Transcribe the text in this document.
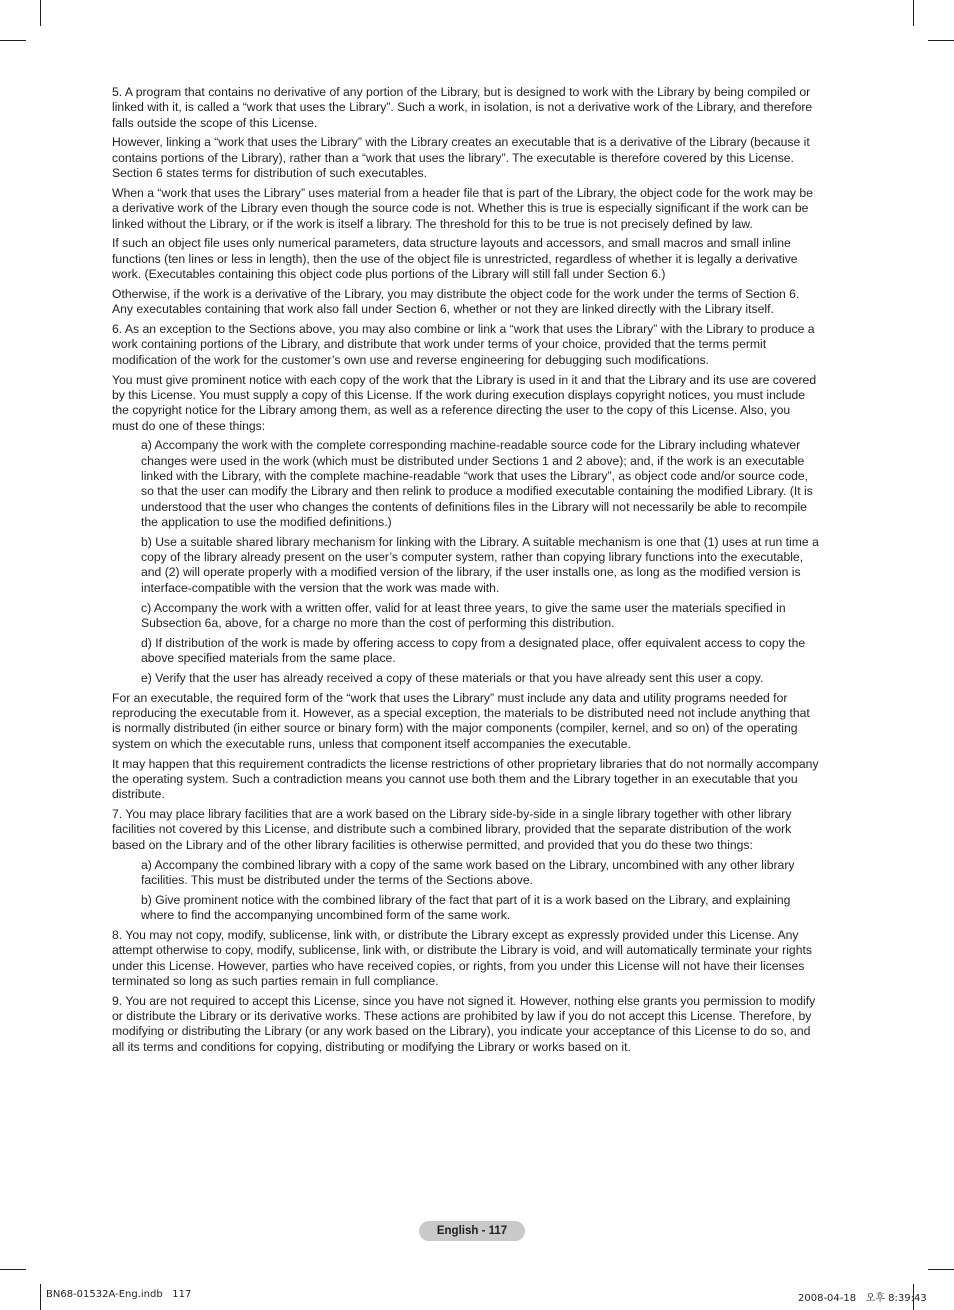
5. A program that contains no derivative of any portion of the Library, but is designed to work with the Library by being compiled or linked with it, is called a “work that uses the Library”. Such a work, in isolation, is not a derivative work of the Library, and therefore falls outside the scope of this License.

However, linking a “work that uses the Library” with the Library creates an executable that is a derivative of the Library (because it contains portions of the Library), rather than a “work that uses the library”. The executable is therefore covered by this License. Section 6 states terms for distribution of such executables.

When a “work that uses the Library” uses material from a header file that is part of the Library, the object code for the work may be a derivative work of the Library even though the source code is not. Whether this is true is especially significant if the work can be linked without the Library, or if the work is itself a library. The threshold for this to be true is not precisely defined by law.

If such an object file uses only numerical parameters, data structure layouts and accessors, and small macros and small inline functions (ten lines or less in length), then the use of the object file is unrestricted, regardless of whether it is legally a derivative work. (Executables containing this object code plus portions of the Library will still fall under Section 6.)

Otherwise, if the work is a derivative of the Library, you may distribute the object code for the work under the terms of Section 6. Any executables containing that work also fall under Section 6, whether or not they are linked directly with the Library itself.

6. As an exception to the Sections above, you may also combine or link a “work that uses the Library” with the Library to produce a work containing portions of the Library, and distribute that work under terms of your choice, provided that the terms permit modification of the work for the customer’s own use and reverse engineering for debugging such modifications.

You must give prominent notice with each copy of the work that the Library is used in it and that the Library and its use are covered by this License. You must supply a copy of this License. If the work during execution displays copyright notices, you must include the copyright notice for the Library among them, as well as a reference directing the user to the copy of this License. Also, you must do one of these things:

a) Accompany the work with the complete corresponding machine-readable source code for the Library including whatever changes were used in the work (which must be distributed under Sections 1 and 2 above); and, if the work is an executable linked with the Library, with the complete machine-readable “work that uses the Library”, as object code and/or source code, so that the user can modify the Library and then relink to produce a modified executable containing the modified Library. (It is understood that the user who changes the contents of definitions files in the Library will not necessarily be able to recompile the application to use the modified definitions.)

b) Use a suitable shared library mechanism for linking with the Library. A suitable mechanism is one that (1) uses at run time a copy of the library already present on the user’s computer system, rather than copying library functions into the executable, and (2) will operate properly with a modified version of the library, if the user installs one, as long as the modified version is interface-compatible with the version that the work was made with.

c) Accompany the work with a written offer, valid for at least three years, to give the same user the materials specified in Subsection 6a, above, for a charge no more than the cost of performing this distribution.

d) If distribution of the work is made by offering access to copy from a designated place, offer equivalent access to copy the above specified materials from the same place.

e) Verify that the user has already received a copy of these materials or that you have already sent this user a copy.

For an executable, the required form of the “work that uses the Library” must include any data and utility programs needed for reproducing the executable from it. However, as a special exception, the materials to be distributed need not include anything that is normally distributed (in either source or binary form) with the major components (compiler, kernel, and so on) of the operating system on which the executable runs, unless that component itself accompanies the executable.

It may happen that this requirement contradicts the license restrictions of other proprietary libraries that do not normally accompany the operating system. Such a contradiction means you cannot use both them and the Library together in an executable that you distribute.

7. You may place library facilities that are a work based on the Library side-by-side in a single library together with other library facilities not covered by this License, and distribute such a combined library, provided that the separate distribution of the work based on the Library and of the other library facilities is otherwise permitted, and provided that you do these two things:

a) Accompany the combined library with a copy of the same work based on the Library, uncombined with any other library facilities. This must be distributed under the terms of the Sections above.

b) Give prominent notice with the combined library of the fact that part of it is a work based on the Library, and explaining where to find the accompanying uncombined form of the same work.

8. You may not copy, modify, sublicense, link with, or distribute the Library except as expressly provided under this License. Any attempt otherwise to copy, modify, sublicense, link with, or distribute the Library is void, and will automatically terminate your rights under this License. However, parties who have received copies, or rights, from you under this License will not have their licenses terminated so long as such parties remain in full compliance.

9. You are not required to accept this License, since you have not signed it. However, nothing else grants you permission to modify or distribute the Library or its derivative works. These actions are prohibited by law if you do not accept this License. Therefore, by modifying or distributing the Library (or any work based on the Library), you indicate your acceptance of this License to do so, and all its terms and conditions for copying, distributing or modifying the Library or works based on it.

English - 117
BN68-01532A-Eng.indb   117	2008-04-18   오후 8:39:43
